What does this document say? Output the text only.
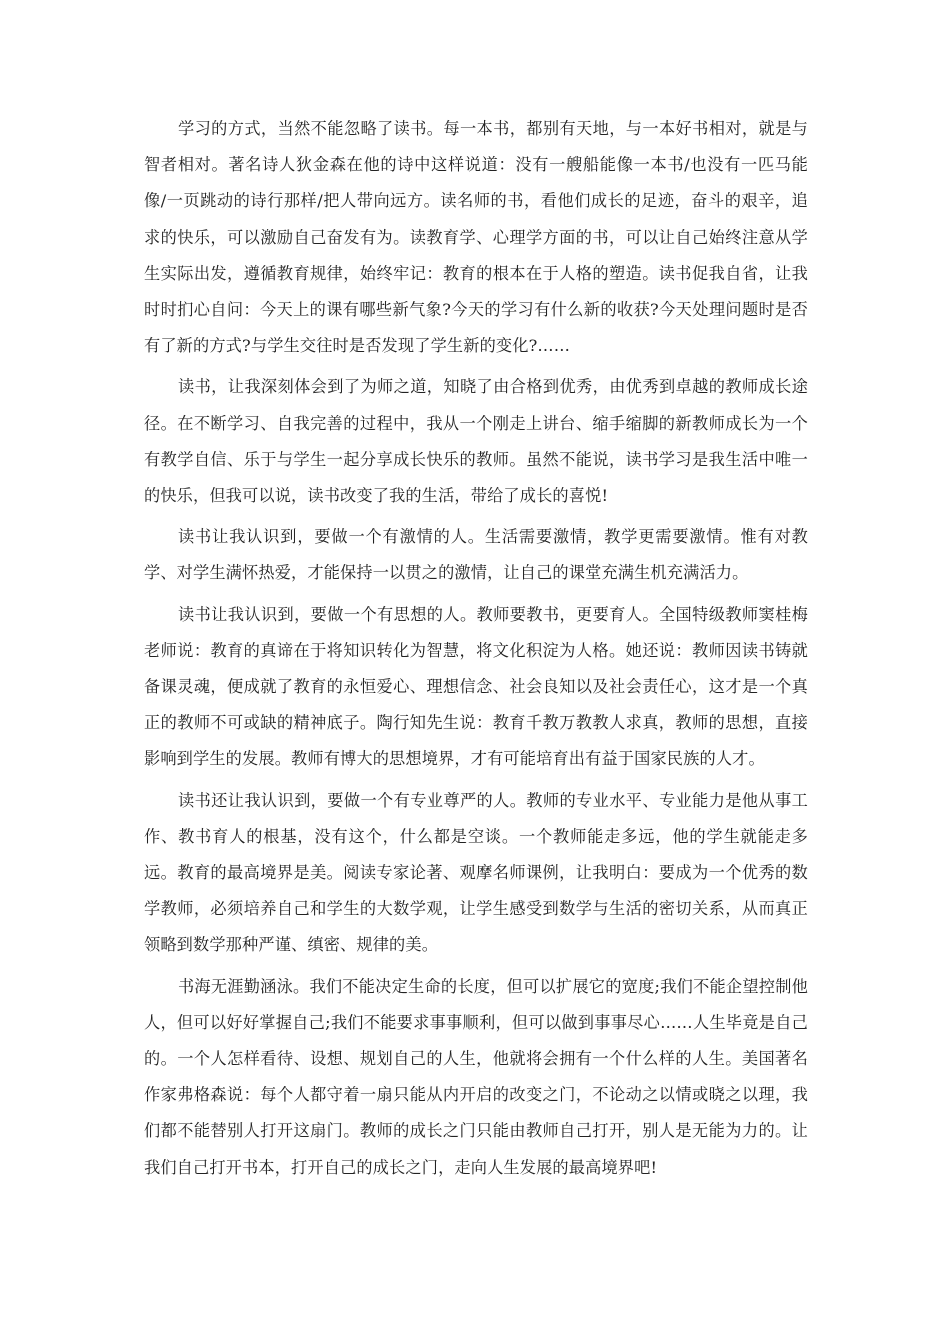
学习的方式，当然不能忽略了读书。每一本书，都别有天地，与一本好书相对，就是与智者相对。著名诗人狄金森在他的诗中这样说道：没有一艘船能像一本书/也没有一匹马能像/一页跳动的诗行那样/把人带向远方。读名师的书，看他们成长的足迹，奋斗的艰辛，追求的快乐，可以激励自己奋发有为。读教育学、心理学方面的书，可以让自己始终注意从学生实际出发，遵循教育规律，始终牢记：教育的根本在于人格的塑造。读书促我自省，让我时时扪心自问：今天上的课有哪些新气象?今天的学习有什么新的收获?今天处理问题时是否有了新的方式?与学生交往时是否发现了学生新的变化?……

读书，让我深刻体会到了为师之道，知晓了由合格到优秀，由优秀到卓越的教师成长途径。在不断学习、自我完善的过程中，我从一个刚走上讲台、缩手缩脚的新教师成长为一个有教学自信、乐于与学生一起分享成长快乐的教师。虽然不能说，读书学习是我生活中唯一的快乐，但我可以说，读书改变了我的生活，带给了成长的喜悦!

读书让我认识到，要做一个有激情的人。生活需要激情，教学更需要激情。惟有对教学、对学生满怀热爱，才能保持一以贯之的激情，让自己的课堂充满生机充满活力。

读书让我认识到，要做一个有思想的人。教师要教书，更要育人。全国特级教师窦桂梅老师说：教育的真谛在于将知识转化为智慧，将文化积淀为人格。她还说：教师因读书铸就备课灵魂，便成就了教育的永恒爱心、理想信念、社会良知以及社会责任心，这才是一个真正的教师不可或缺的精神底子。陶行知先生说：教育千教万教教人求真，教师的思想，直接影响到学生的发展。教师有博大的思想境界，才有可能培育出有益于国家民族的人才。

读书还让我认识到，要做一个有专业尊严的人。教师的专业水平、专业能力是他从事工作、教书育人的根基，没有这个，什么都是空谈。一个教师能走多远，他的学生就能走多远。教育的最高境界是美。阅读专家论著、观摩名师课例，让我明白：要成为一个优秀的数学教师，必须培养自己和学生的大数学观，让学生感受到数学与生活的密切关系，从而真正领略到数学那种严谨、缜密、规律的美。

书海无涯勤涵泳。我们不能决定生命的长度，但可以扩展它的宽度;我们不能企望控制他人，但可以好好掌握自己;我们不能要求事事顺利，但可以做到事事尽心……人生毕竟是自己的。一个人怎样看待、设想、规划自己的人生，他就将会拥有一个什么样的人生。美国著名作家弗格森说：每个人都守着一扇只能从内开启的改变之门，不论动之以情或晓之以理，我们都不能替别人打开这扇门。教师的成长之门只能由教师自己打开，别人是无能为力的。让我们自己打开书本，打开自己的成长之门，走向人生发展的最高境界吧!
